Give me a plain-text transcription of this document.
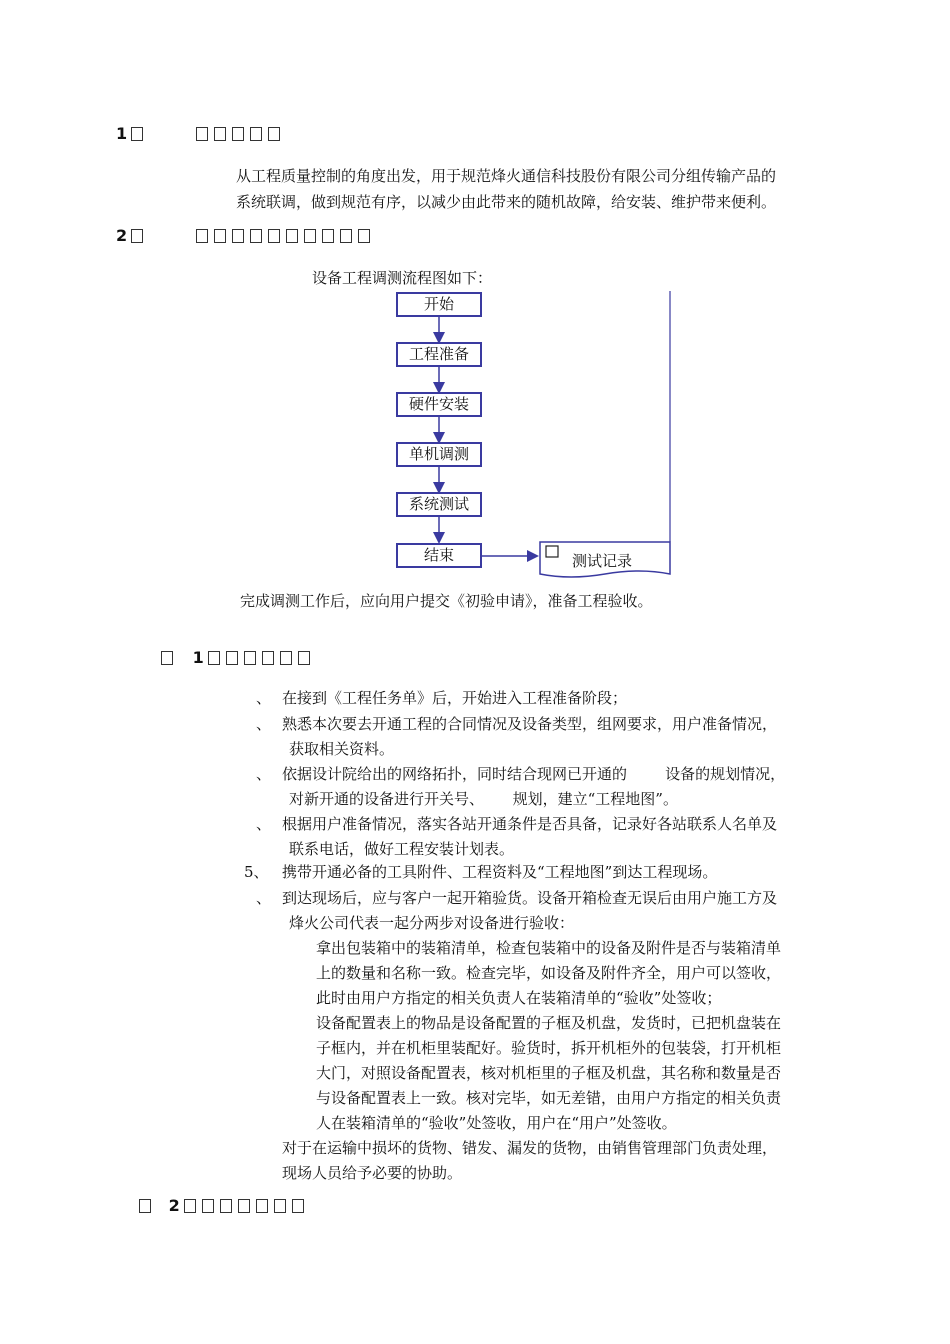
1
从工程质量控制的角度出发，用于规范烽火通信科技股份有限公司分组传输产品的
系统联调，做到规范有序，以减少由此带来的随机故障，给安装、维护带来便利。
2
设备工程调测流程图如下：
开始
工程准备
硬件安装
单机调测
系统测试
结束	测试记录
完成调测工作后，应向用户提交《初验申请》，准备工程验收。
1
、 在接到《工程任务单》后，开始进入工程准备阶段；
、 熟悉本次要去开通工程的合同情况及设备类型，组网要求，用户准备情况，
获取相关资料。
、 依据设计院给出的网络拓扑，同时结合现网已开通的        设备的规划情况，
对新开通的设备进行开关号、      规划，建立“工程地图”。
、 根据用户准备情况，落实各站开通条件是否具备，记录好各站联系人名单及
联系电话，做好工程安装计划表。
5、 携带开通必备的工具附件、工程资料及“工程地图”到达工程现场。
、 到达现场后，应与客户一起开箱验货。设备开箱检查无误后由用户施工方及
烽火公司代表一起分两步对设备进行验收：
拿出包装箱中的装箱清单，检查包装箱中的设备及附件是否与装箱清单
上的数量和名称一致。检查完毕，如设备及附件齐全，用户可以签收，
此时由用户方指定的相关负责人在装箱清单的“验收”处签收；
设备配置表上的物品是设备配置的子框及机盘，发货时，已把机盘装在
子框内，并在机柜里装配好。验货时，拆开机柜外的包装袋，打开机柜
大门，对照设备配置表，核对机柜里的子框及机盘，其名称和数量是否
与设备配置表上一致。核对完毕，如无差错，由用户方指定的相关负责
人在装箱清单的“验收”处签收，用户在“用户”处签收。
对于在运输中损坏的货物、错发、漏发的货物，由销售管理部门负责处理，
现场人员给予必要的协助。
2
